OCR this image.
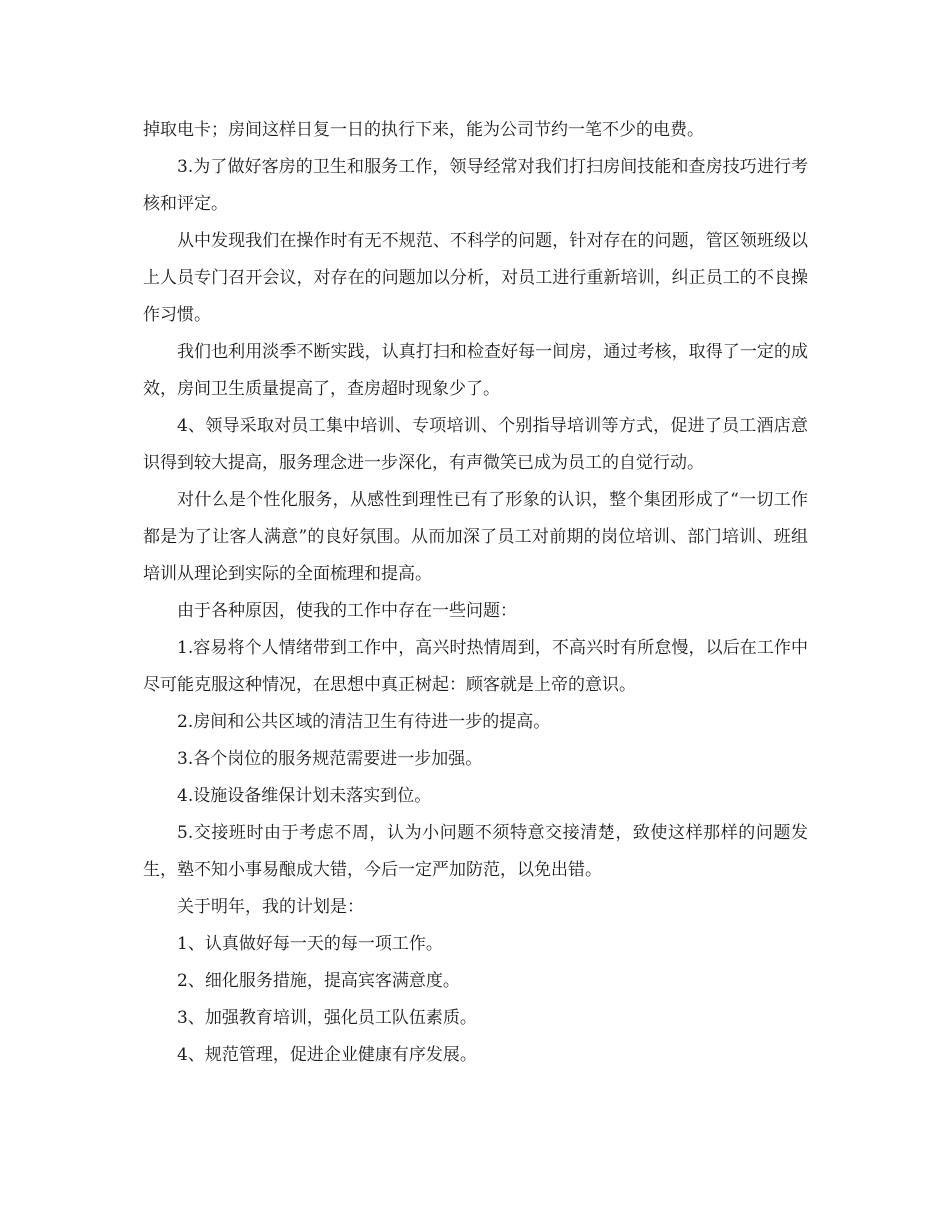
掉取电卡；房间这样日复一日的执行下来，能为公司节约一笔不少的电费。

3.为了做好客房的卫生和服务工作，领导经常对我们打扫房间技能和查房技巧进行考核和评定。

从中发现我们在操作时有无不规范、不科学的问题，针对存在的问题，管区领班级以上人员专门召开会议，对存在的问题加以分析，对员工进行重新培训，纠正员工的不良操作习惯。

我们也利用淡季不断实践，认真打扫和检查好每一间房，通过考核，取得了一定的成效，房间卫生质量提高了，查房超时现象少了。

4、领导采取对员工集中培训、专项培训、个别指导培训等方式，促进了员工酒店意识得到较大提高，服务理念进一步深化，有声微笑已成为员工的自觉行动。

对什么是个性化服务，从感性到理性已有了形象的认识，整个集团形成了“一切工作都是为了让客人满意”的良好氛围。从而加深了员工对前期的岗位培训、部门培训、班组培训从理论到实际的全面梳理和提高。

由于各种原因，使我的工作中存在一些问题：

1.容易将个人情绪带到工作中，高兴时热情周到，不高兴时有所怠慢，以后在工作中尽可能克服这种情况，在思想中真正树起：顾客就是上帝的意识。

2.房间和公共区域的清洁卫生有待进一步的提高。

3.各个岗位的服务规范需要进一步加强。

4.设施设备维保计划未落实到位。

5.交接班时由于考虑不周，认为小问题不须特意交接清楚，致使这样那样的问题发生，塾不知小事易酿成大错，今后一定严加防范，以免出错。

关于明年，我的计划是：

1、认真做好每一天的每一项工作。

2、细化服务措施，提高宾客满意度。

3、加强教育培训，强化员工队伍素质。

4、规范管理，促进企业健康有序发展。
